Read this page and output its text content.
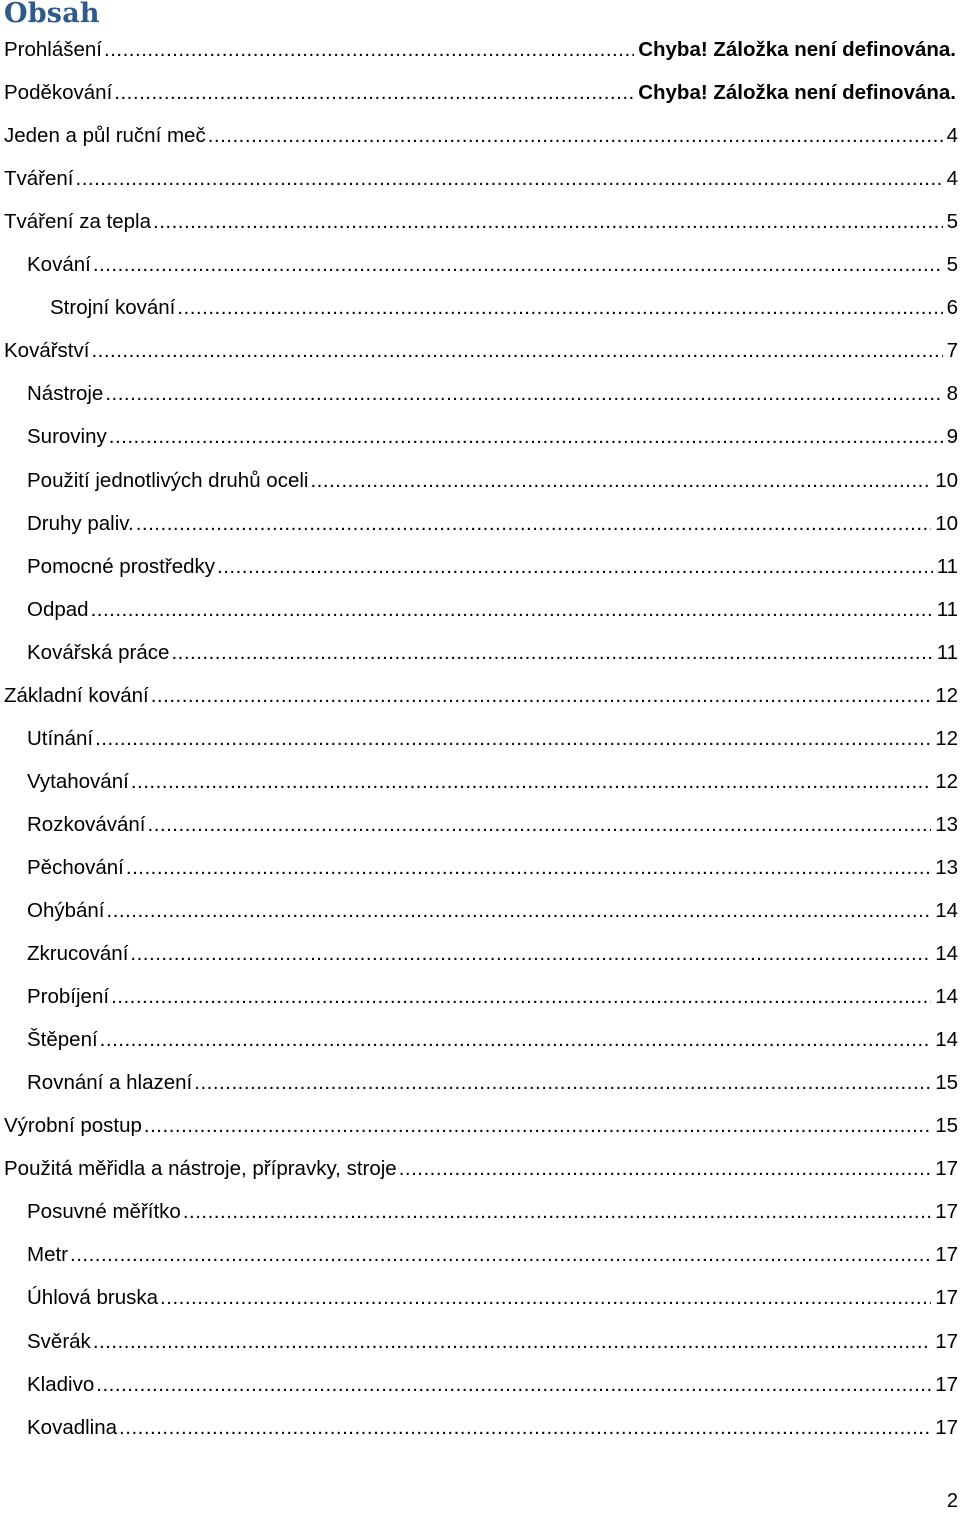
Obsah
Prohlášení .....	Chyba! Záložka není definována.
Poděkování .....	Chyba! Záložka není definována.
Jeden a půl ruční meč .....	4
Tváření .....	4
Tváření za tepla .....	5
Kování .....	5
Strojní kování .....	6
Kovářství .....	7
Nástroje .....	8
Suroviny .....	9
Použití jednotlivých druhů oceli .....	10
Druhy paliv. .....	10
Pomocné prostředky .....	11
Odpad .....	11
Kovářská práce .....	11
Základní kování .....	12
Utínání .....	12
Vytahování .....	12
Rozkovávání .....	13
Pěchování .....	13
Ohýbání .....	14
Zkrucování .....	14
Probíjení .....	14
Štěpení .....	14
Rovnání a hlazení .....	15
Výrobní postup .....	15
Použitá měřidla a nástroje, přípravky, stroje .....	17
Posuvné měřítko .....	17
Metr .....	17
Úhlová bruska .....	17
Svěrák .....	17
Kladivo .....	17
Kovadlina .....	17
2
